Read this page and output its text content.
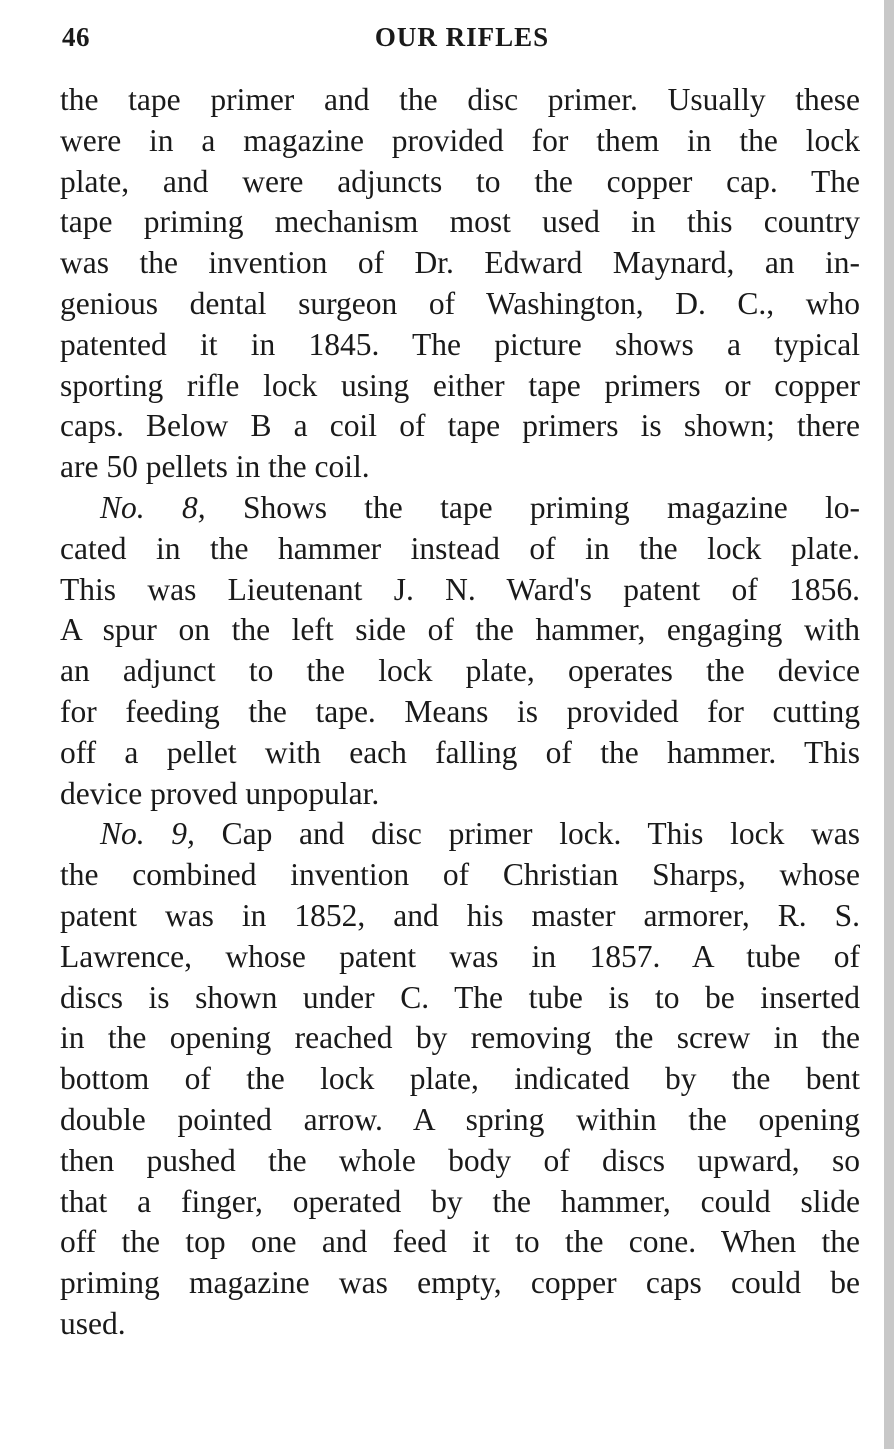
46	OUR RIFLES
the tape primer and the disc primer. Usually these
were in a magazine provided for them in the lock
plate, and were adjuncts to the copper cap. The
tape priming mechanism most used in this country
was the invention of Dr. Edward Maynard, an in-
genious dental surgeon of Washington, D. C., who
patented it in 1845. The picture shows a typical
sporting rifle lock using either tape primers or copper
caps. Below B a coil of tape primers is shown; there
are 50 pellets in the coil.
No. 8, Shows the tape priming magazine lo-
cated in the hammer instead of in the lock plate.
This was Lieutenant J. N. Ward's patent of 1856.
A spur on the left side of the hammer, engaging with
an adjunct to the lock plate, operates the device
for feeding the tape. Means is provided for cutting
off a pellet with each falling of the hammer. This
device proved unpopular.
No. 9, Cap and disc primer lock. This lock was
the combined invention of Christian Sharps, whose
patent was in 1852, and his master armorer, R. S.
Lawrence, whose patent was in 1857. A tube of
discs is shown under C. The tube is to be inserted
in the opening reached by removing the screw in the
bottom of the lock plate, indicated by the bent
double pointed arrow. A spring within the opening
then pushed the whole body of discs upward, so
that a finger, operated by the hammer, could slide
off the top one and feed it to the cone. When the
priming magazine was empty, copper caps could be
used.
